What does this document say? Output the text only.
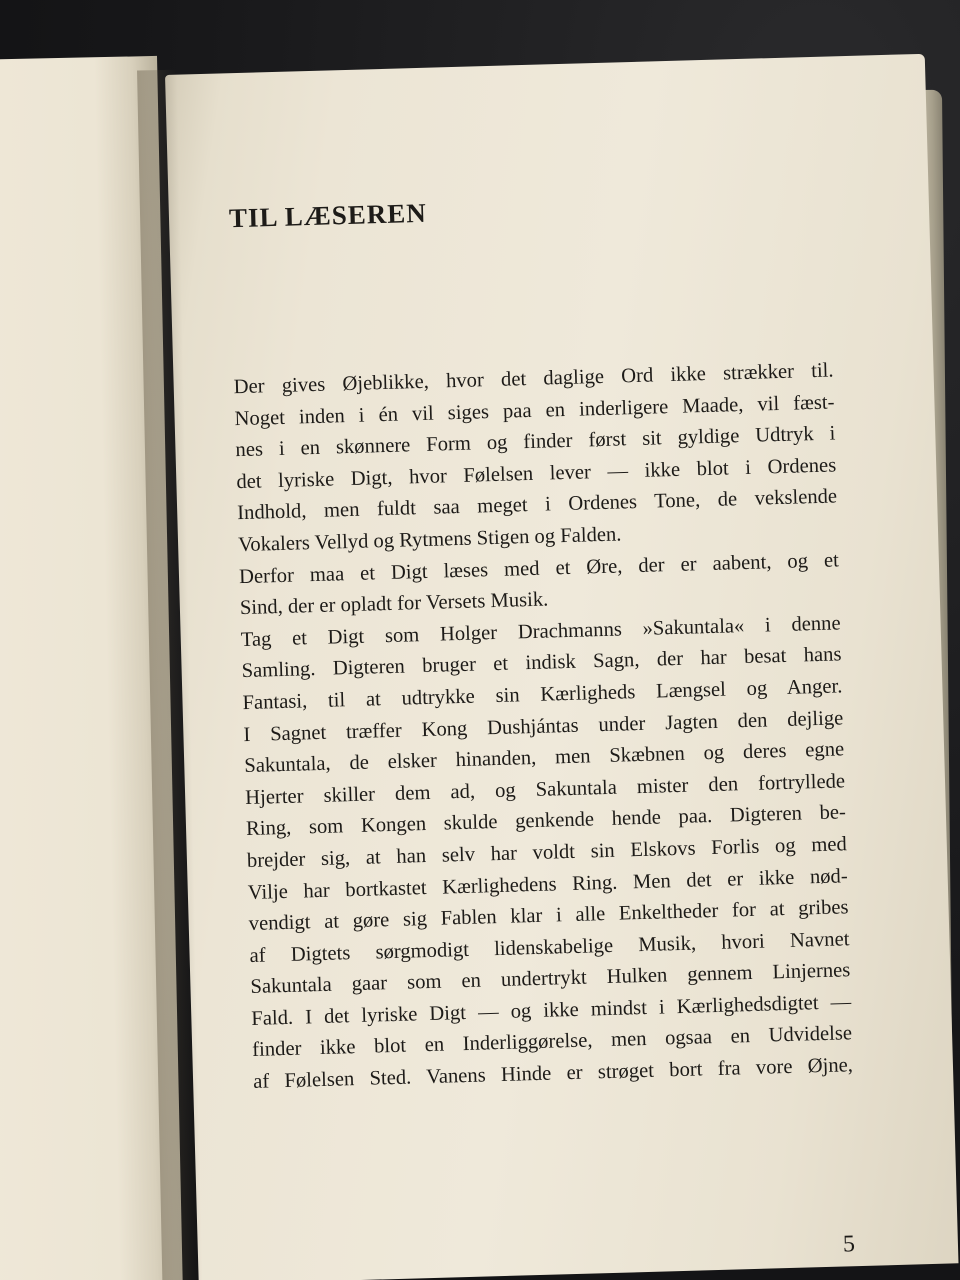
TIL LÆSEREN
Der gives Øjeblikke, hvor det daglige Ord ikke strækker til.
Noget inden i én vil siges paa en inderligere Maade, vil fæst-
nes i en skønnere Form og finder først sit gyldige Udtryk i
det lyriske Digt, hvor Følelsen lever — ikke blot i Ordenes
Indhold, men fuldt saa meget i Ordenes Tone, de vekslende
Vokalers Vellyd og Rytmens Stigen og Falden.
Derfor maa et Digt læses med et Øre, der er aabent, og et
Sind, der er opladt for Versets Musik.
Tag et Digt som Holger Drachmanns »Sakuntala« i denne
Samling. Digteren bruger et indisk Sagn, der har besat hans
Fantasi, til at udtrykke sin Kærligheds Længsel og Anger.
I Sagnet træffer Kong Dushjántas under Jagten den dejlige
Sakuntala, de elsker hinanden, men Skæbnen og deres egne
Hjerter skiller dem ad, og Sakuntala mister den fortryllede
Ring, som Kongen skulde genkende hende paa. Digteren be-
brejder sig, at han selv har voldt sin Elskovs Forlis og med
Vilje har bortkastet Kærlighedens Ring. Men det er ikke nød-
vendigt at gøre sig Fablen klar i alle Enkeltheder for at gribes
af Digtets sørgmodigt lidenskabelige Musik, hvori Navnet
Sakuntala gaar som en undertrykt Hulken gennem Linjernes
Fald. I det lyriske Digt — og ikke mindst i Kærlighedsdigtet —
finder ikke blot en Inderliggørelse, men ogsaa en Udvidelse
af Følelsen Sted. Vanens Hinde er strøget bort fra vore Øjne,
5
